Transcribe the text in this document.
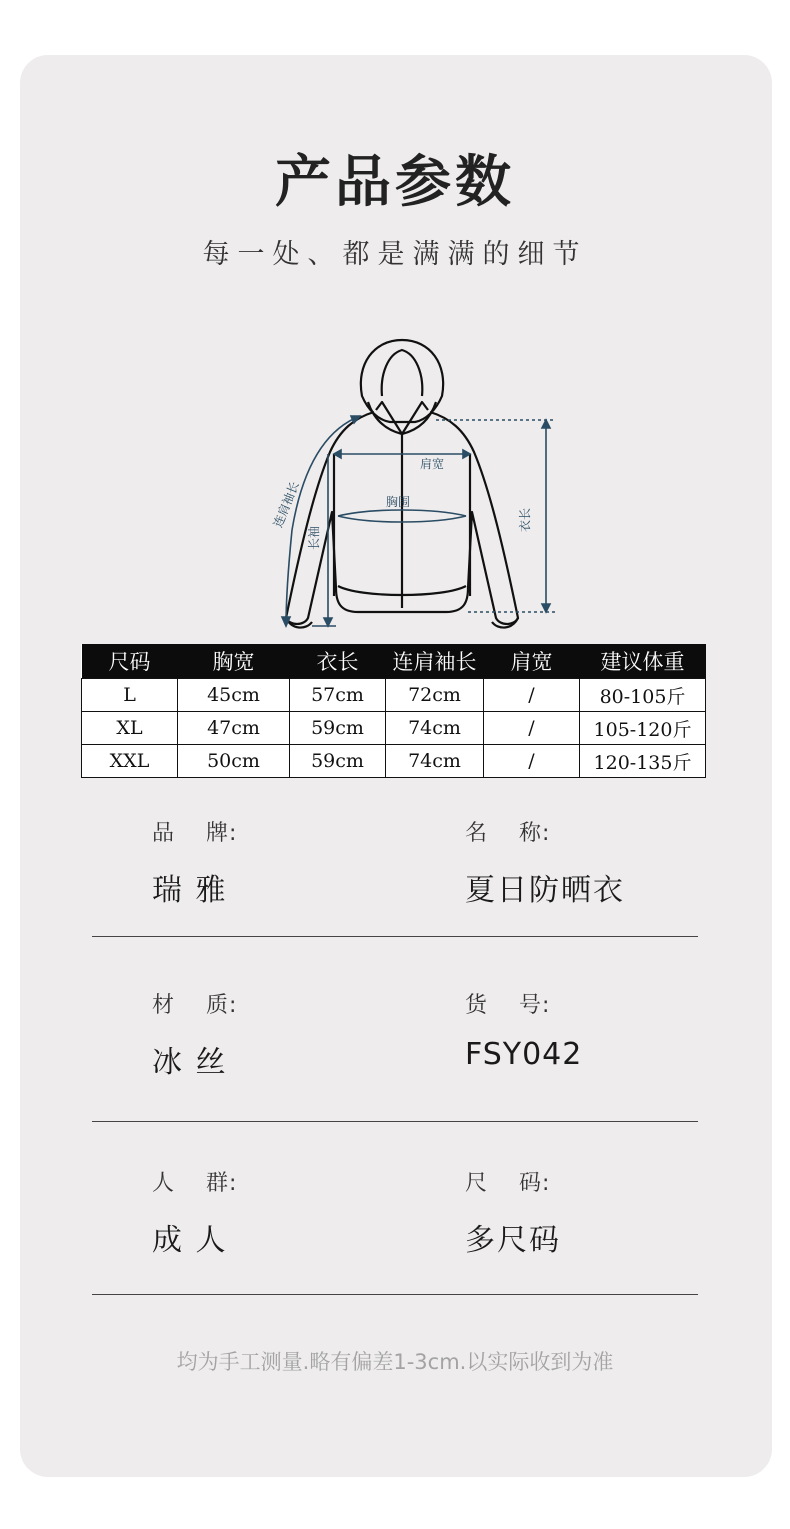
产品参数
每一处、都是满满的细节
肩宽
胸围
衣长
长袖
连肩袖长
尺码	胸宽	衣长	连肩袖长	肩宽	建议体重
L	45cm	57cm	72cm	/	80-105斤
XL	47cm	59cm	74cm	/	105-120斤
XXL	50cm	59cm	74cm	/	120-135斤
品　 牌:
瑞 雅
名　 称:
夏日防晒衣
材　 质:
冰 丝
货　 号:
FSY042
人　 群:
成 人
尺　 码:
多尺码
均为手工测量.略有偏差1-3cm.以实际收到为准
